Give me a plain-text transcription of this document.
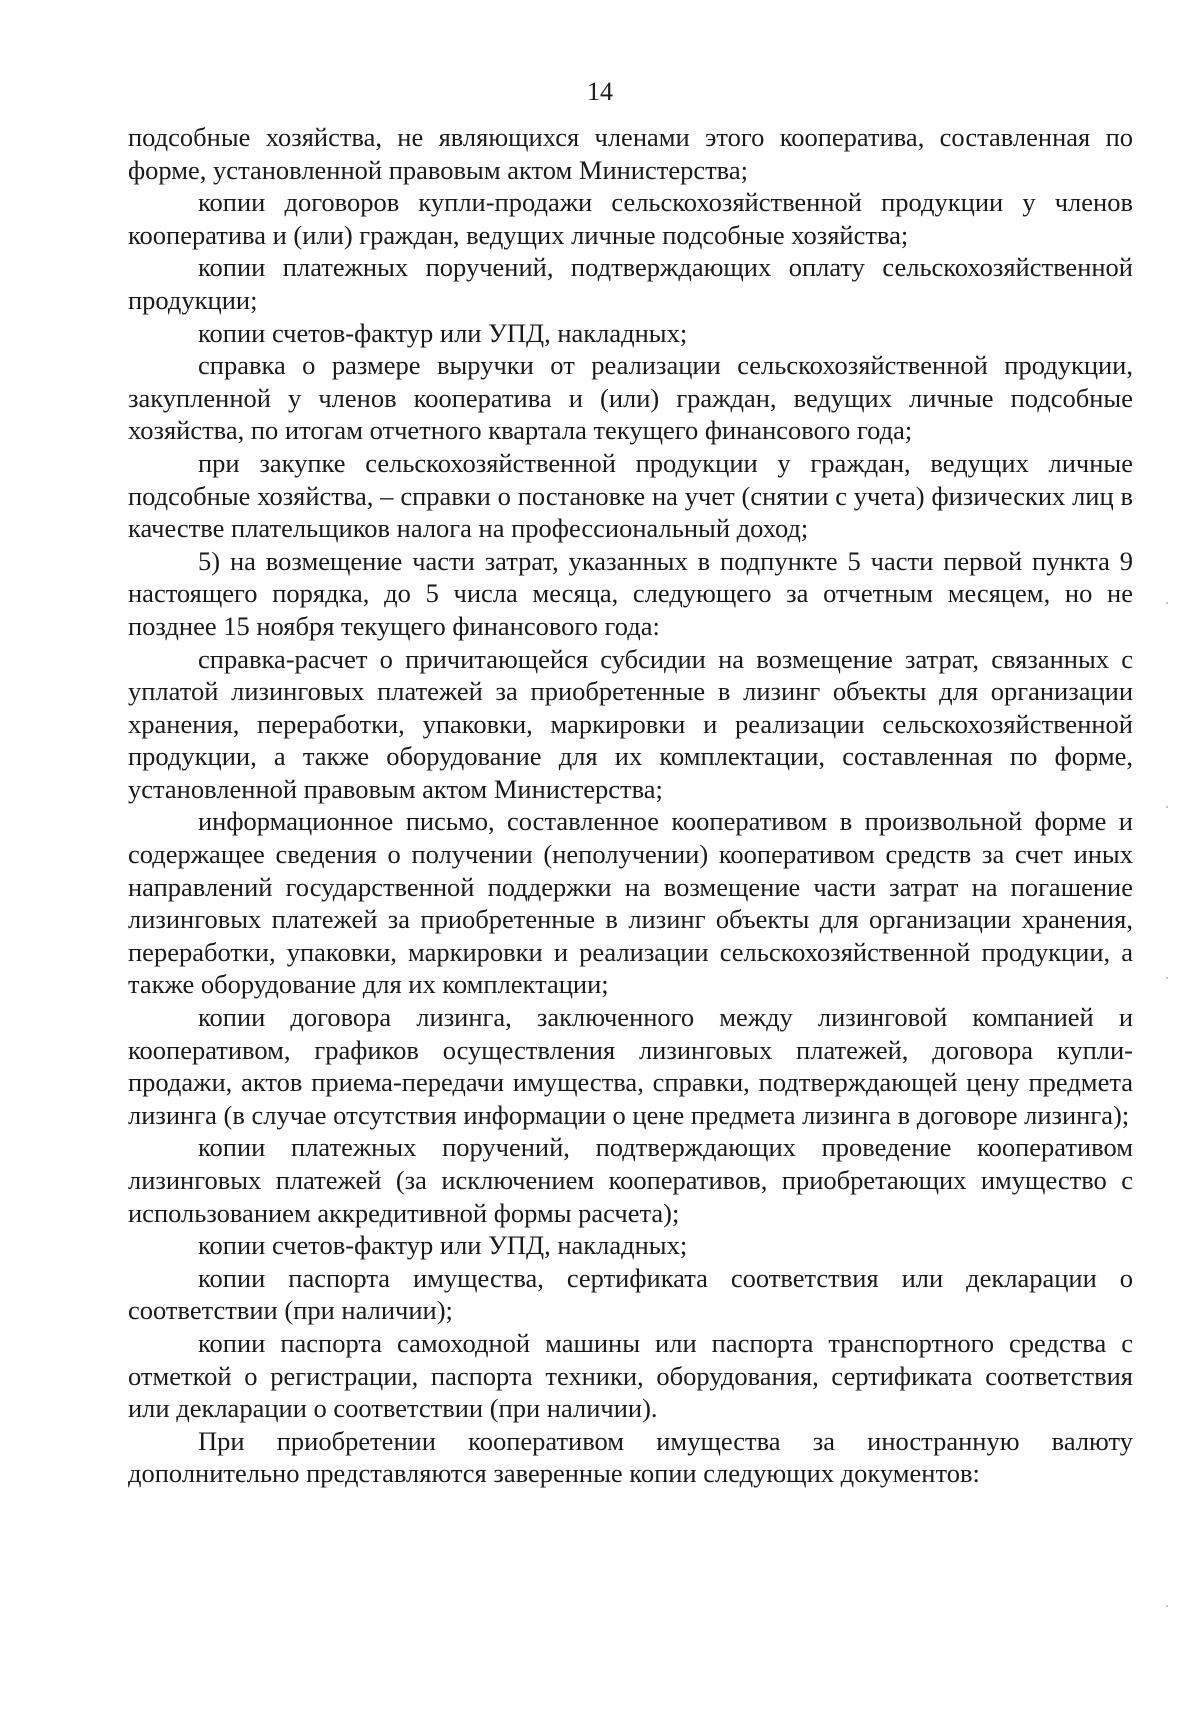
14

подсобные хозяйства, не являющихся членами этого кооператива, составленная по форме, установленной правовым актом Министерства;

копии договоров купли-продажи сельскохозяйственной продукции у членов кооператива и (или) граждан, ведущих личные подсобные хозяйства;

копии платежных поручений, подтверждающих оплату сельскохозяйственной продукции;

копии счетов-фактур или УПД, накладных;

справка о размере выручки от реализации сельскохозяйственной продукции, закупленной у членов кооператива и (или) граждан, ведущих личные подсобные хозяйства, по итогам отчетного квартала текущего финансового года;

при закупке сельскохозяйственной продукции у граждан, ведущих личные подсобные хозяйства, – справки о постановке на учет (снятии с учета) физических лиц в качестве плательщиков налога на профессиональный доход;

5) на возмещение части затрат, указанных в подпункте 5 части первой пункта 9 настоящего порядка, до 5 числа месяца, следующего за отчетным месяцем, но не позднее 15 ноября текущего финансового года:

справка-расчет о причитающейся субсидии на возмещение затрат, связанных с уплатой лизинговых платежей за приобретенные в лизинг объекты для организации хранения, переработки, упаковки, маркировки и реализации сельскохозяйственной продукции, а также оборудование для их комплектации, составленная по форме, установленной правовым актом Министерства;

информационное письмо, составленное кооперативом в произвольной форме и содержащее сведения о получении (неполучении) кооперативом средств за счет иных направлений государственной поддержки на возмещение части затрат на погашение лизинговых платежей за приобретенные в лизинг объекты для организации хранения, переработки, упаковки, маркировки и реализации сельскохозяйственной продукции, а также оборудование для их комплектации;

копии договора лизинга, заключенного между лизинговой компанией и кооперативом, графиков осуществления лизинговых платежей, договора купли-продажи, актов приема-передачи имущества, справки, подтверждающей цену предмета лизинга (в случае отсутствия информации о цене предмета лизинга в договоре лизинга);

копии платежных поручений, подтверждающих проведение кооперативом лизинговых платежей (за исключением кооперативов, приобретающих имущество с использованием аккредитивной формы расчета);

копии счетов-фактур или УПД, накладных;

копии паспорта имущества, сертификата соответствия или декларации о соответствии (при наличии);

копии паспорта самоходной машины или паспорта транспортного средства с отметкой о регистрации, паспорта техники, оборудования, сертификата соответствия или декларации о соответствии (при наличии).

При приобретении кооперативом имущества за иностранную валюту дополнительно представляются заверенные копии следующих документов:
